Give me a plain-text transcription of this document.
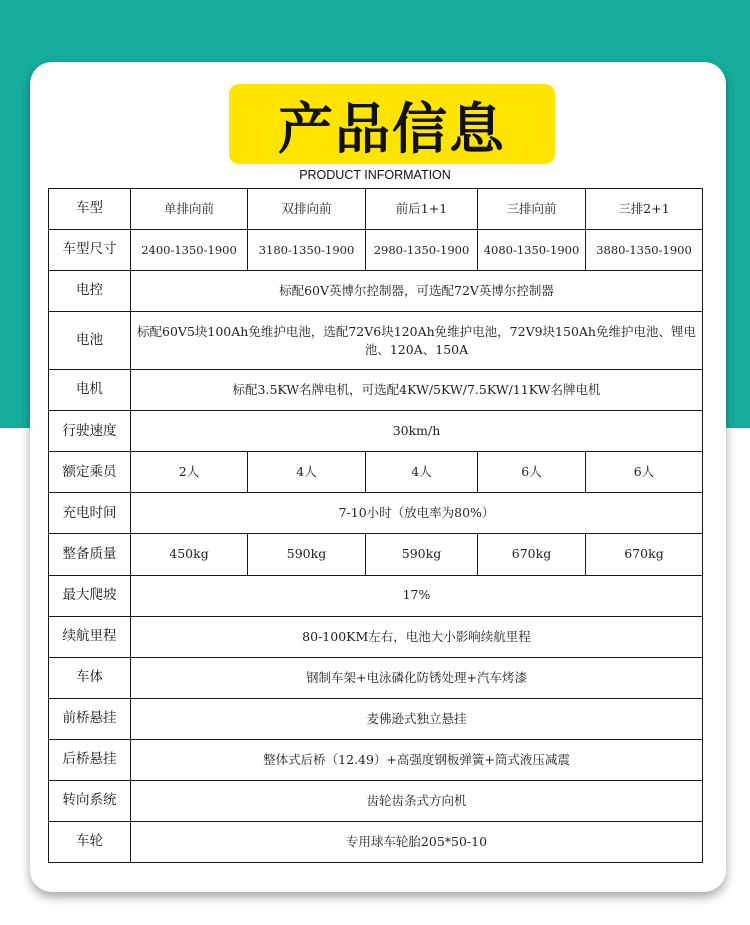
产品信息
PRODUCT INFORMATION
车型	单排向前	双排向前	前后1+1	三排向前	三排2+1
车型尺寸	2400-1350-1900	3180-1350-1900	2980-1350-1900	4080-1350-1900	3880-1350-1900
电控	标配60V英博尔控制器，可选配72V英博尔控制器				
电池	标配60V5块100Ah免维护电池，选配72V6块120Ah免维护电池，72V9块150Ah免维护电池、锂电池、120A、150A				
电机	标配3.5KW名牌电机，可选配4KW/5KW/7.5KW/11KW名牌电机				
行驶速度	30km/h				
额定乘员	2人	4人	4人	6人	6人
充电时间	7-10小时（放电率为80%）				
整备质量	450kg	590kg	590kg	670kg	670kg
最大爬坡	17%				
续航里程	80-100KM左右，电池大小影响续航里程				
车体	钢制车架+电泳磷化防锈处理+汽车烤漆				
前桥悬挂	麦佛逊式独立悬挂				
后桥悬挂	整体式后桥（12.49）+高强度钢板弹簧+筒式液压减震				
转向系统	齿轮齿条式方向机				
车轮	专用球车轮胎205*50-10				
